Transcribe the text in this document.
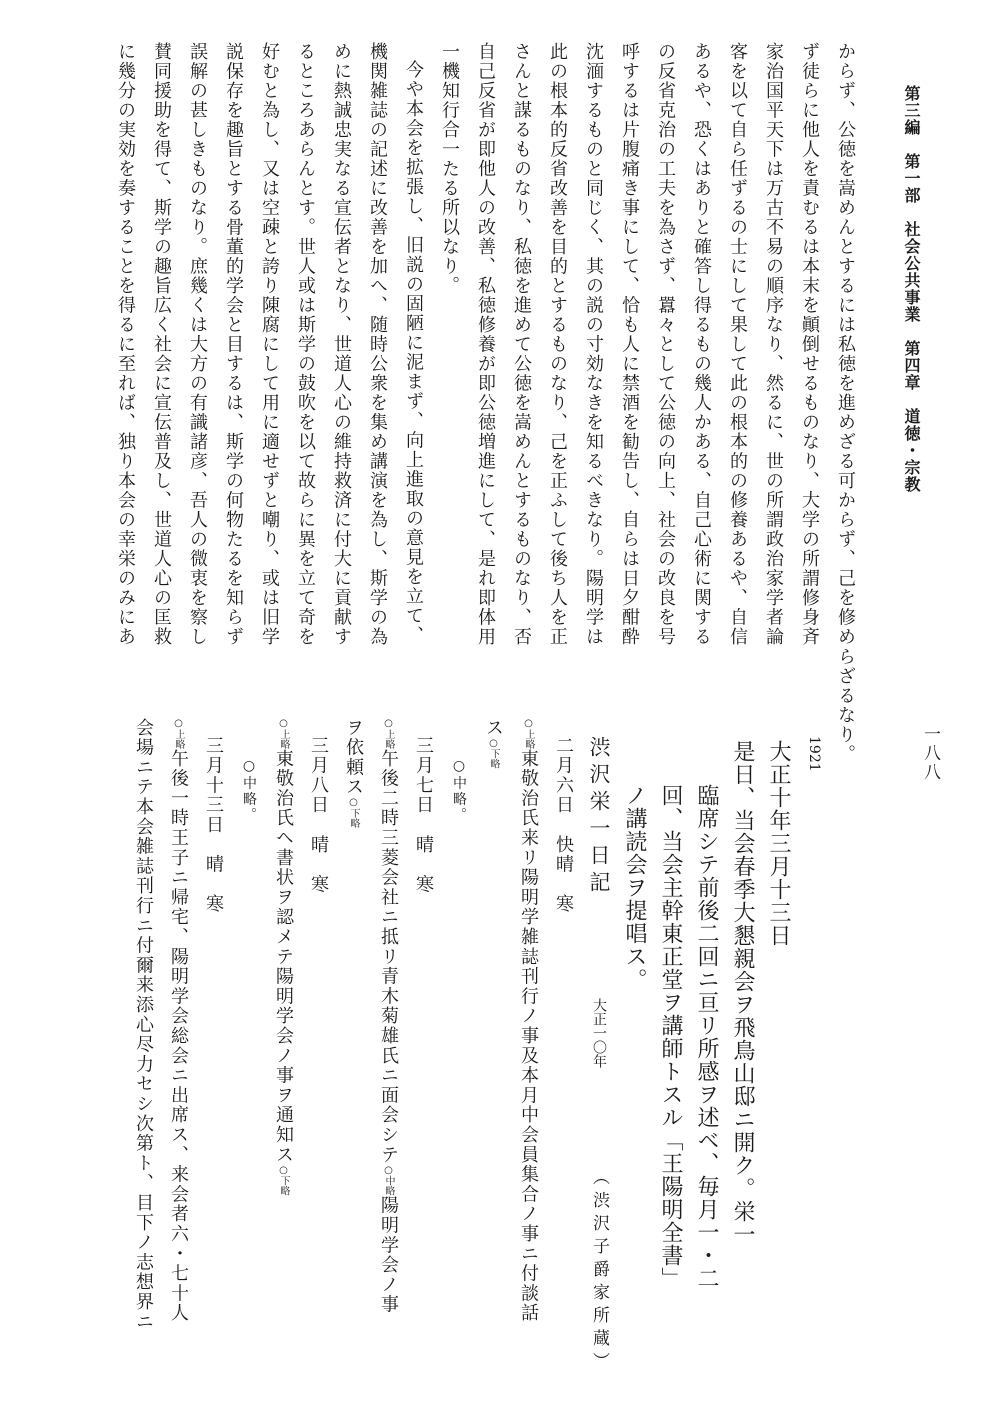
第三編　第一部　社会公共事業　第四章　道徳・宗教
一八八
からず、公徳を嵩めんとするには私徳を進めざる可からず、己を修め
ず徒らに他人を責むるは本末を顚倒せるものなり、大学の所謂修身斉
家治国平天下は万古不易の順序なり、然るに、世の所謂政治家学者論
客を以て自ら任ずるの士にして果して此の根本的の修養あるや、自信
あるや、恐くはありと確答し得るもの幾人かある、自己心術に関する
の反省克治の工夫を為さず、囂々として公徳の向上、社会の改良を号
呼するは片腹痛き事にして、恰も人に禁酒を勧告し、自らは日夕酣酔
沈湎するものと同じく、其の説の寸効なきを知るべきなり。陽明学は
此の根本的反省改善を目的とするものなり、己を正ふして後ち人を正
さんと謀るものなり、私徳を進めて公徳を嵩めんとするものなり、否
自己反省が即他人の改善、私徳修養が即公徳増進にして、是れ即体用
一機知行合一たる所以なり。
今や本会を拡張し、旧説の固陋に泥まず、向上進取の意見を立て、
機関雑誌の記述に改善を加へ、随時公衆を集め講演を為し、斯学の為
めに熱誠忠実なる宣伝者となり、世道人心の維持救済に付大に貢献す
るところあらんとす。世人或は斯学の鼓吹を以て故らに異を立て奇を
好むと為し、又は空疎と誇り陳腐にして用に適せずと嘲り、或は旧学
説保存を趣旨とする骨董的学会と目するは、斯学の何物たるを知らず
誤解の甚しきものなり。庶幾くは大方の有識諸彦、吾人の微衷を察し
賛同援助を得て、斯学の趣旨広く社会に宣伝普及し、世道人心の匡救
に幾分の実効を奏することを得るに至れば、独り本会の幸栄のみにあ
らざるなり。
1921
大正十年三月十三日
是日、当会春季大懇親会ヲ飛鳥山邸ニ開ク。栄一
臨席シテ前後二回ニ亘リ所感ヲ述ベ、毎月一・二
回、当会主幹東正堂ヲ講師トスル「王陽明全書」
ノ講読会ヲ提唱ス。
渋沢栄一日記大正一〇年（渋沢子爵家所蔵）
二月六日　快晴　寒
○上略東敬治氏来リ陽明学雑誌刊行ノ事及本月中会員集合ノ事ニ付談話
ス○下略
○中略。
三月七日　晴　寒
○上略午後二時三菱会社ニ抵リ青木菊雄氏ニ面会シテ○中略陽明学会ノ事
ヲ依頼ス○下略
三月八日　晴　寒
○上略東敬治氏ヘ書状ヲ認メテ陽明学会ノ事ヲ通知ス○下略
○中略。
三月十三日　晴　寒
○上略午後一時王子ニ帰宅、陽明学会総会ニ出席ス、来会者六・七十人
会場ニテ本会雑誌刊行ニ付爾来添心尽力セシ次第ト、目下ノ志想界ニ
